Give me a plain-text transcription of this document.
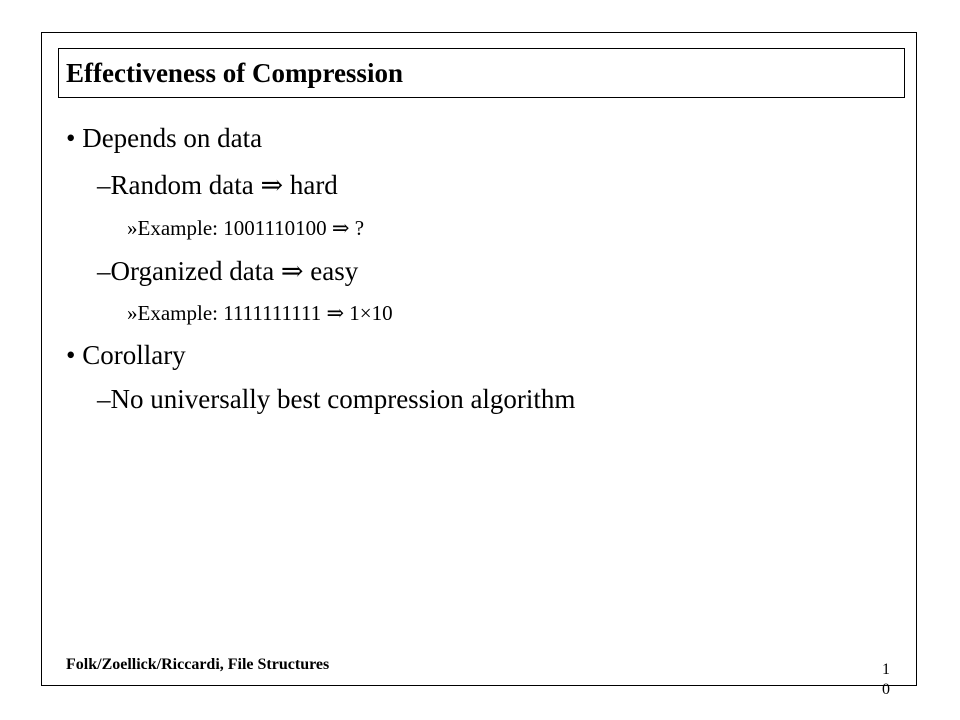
Effectiveness of Compression
• Depends on data
–Random data ⇒ hard
»Example: 1001110100 ⇒ ?
–Organized data ⇒ easy
»Example: 1111111111 ⇒ 1×10
• Corollary
–No universally best compression algorithm
Folk/Zoellick/Riccardi, File Structures	1
0
